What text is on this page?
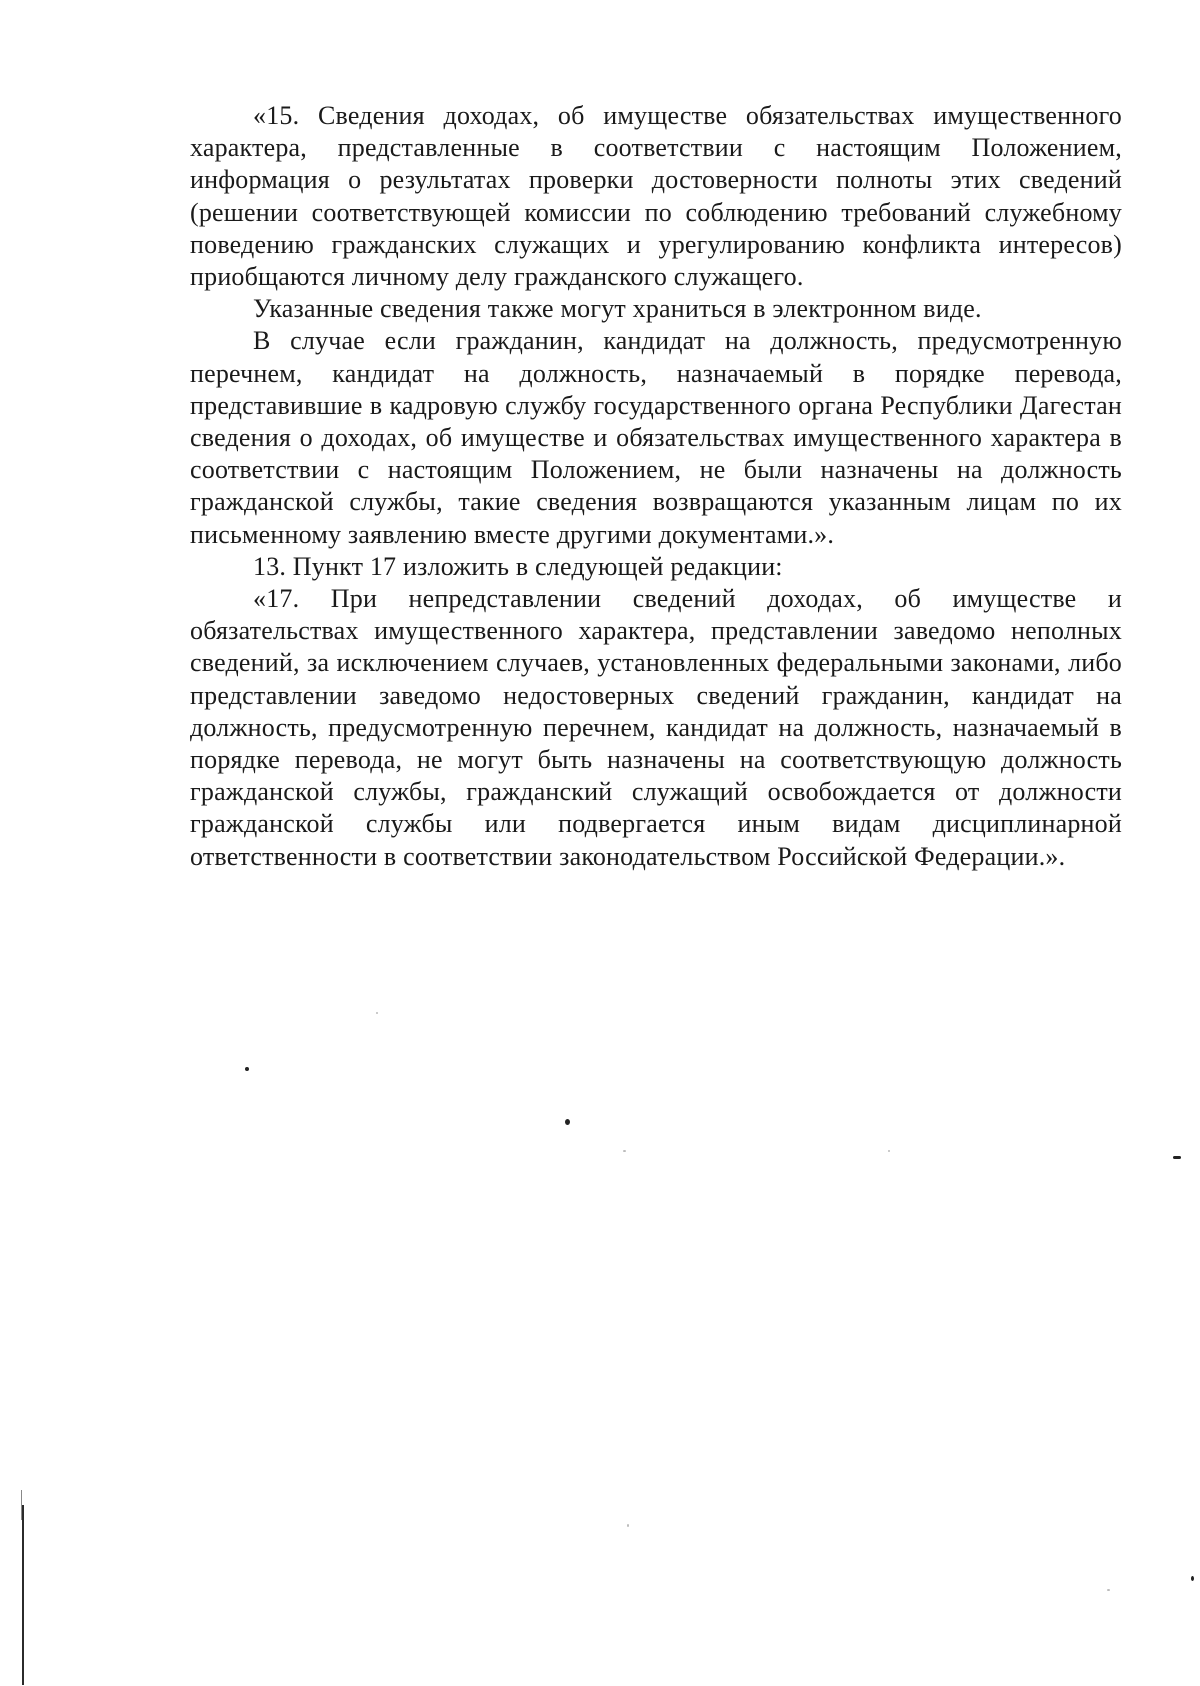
«15. Сведения доходах, об имуществе обязательствах имущественного характера, представленные в соответствии с настоящим Положением, информация о результатах проверки достоверности полноты этих сведений (решении соответствующей комиссии по соблюдению требований служебному поведению гражданских служащих и урегулированию конфликта интересов) приобщаются личному делу гражданского служащего.

Указанные сведения также могут храниться в электронном виде.

В случае если гражданин, кандидат на должность, предусмотренную перечнем, кандидат на должность, назначаемый в порядке перевода, представившие в кадровую службу государственного органа Республики Дагестан сведения о доходах, об имуществе и обязательствах имущественного характера в соответствии с настоящим Положением, не были назначены на должность гражданской службы, такие сведения возвращаются указанным лицам по их письменному заявлению вместе другими документами.».

13. Пункт 17 изложить в следующей редакции:

«17. При непредставлении сведений доходах, об имуществе и обязательствах имущественного характера, представлении заведомо неполных сведений, за исключением случаев, установленных федеральными законами, либо представлении заведомо недостоверных сведений гражданин, кандидат на должность, предусмотренную перечнем, кандидат на должность, назначаемый в порядке перевода, не могут быть назначены на соответствующую должность гражданской службы, гражданский служащий освобождается от должности гражданской службы или подвергается иным видам дисциплинарной ответственности в соответствии законодательством Российской Федерации.».
